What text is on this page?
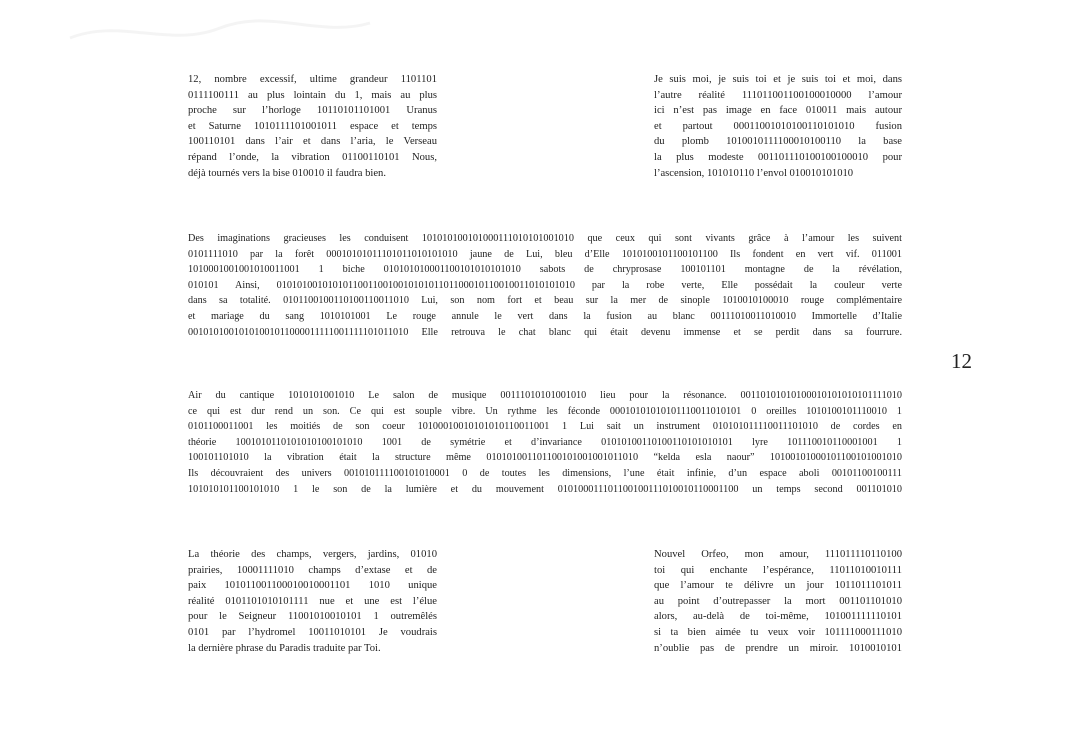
12, nombre excessif, ultime grandeur 1101101
0111100111 au plus lointain du 1, mais au plus
proche sur l’horloge 10110101101001 Uranus
et Saturne 1010111101001011 espace et temps
100110101 dans l’air et dans l’aria, le Verseau
répand l’onde, la vibration 01100110101 Nous,
déjà tournés vers la bise 010010 il faudra bien.
Je suis moi, je suis toi et je suis toi et moi, dans
l’autre réalité 111011001100100010000 l’amour
ici n’est pas image en face 010011 mais autour
et partout 00011001010100110101010 fusion
du plomb 1010010111100010100110 la base
la plus modeste 001101110100100100010 pour
l’ascension, 101010110 l’envol 010010101010
Des imaginations gracieuses les conduisent 101010100101000111010101001010 que ceux qui sont vivants grâce à l’amour les suivent
0101111010 par la forêt 00010101011101011010101010 jaune de Lui, bleu d’Elle 1010100101100101100 Ils fondent en vert vif. 011001
1010001001001010011001 1 biche 010101010001100101010101010 sabots de chryprosase 100101101 montagne de la révélation,
010101 Ainsi, 01010100101010110011001001010101101100010110010011010101010 par la robe verte, Elle possédait la couleur verte
dans sa totalité. 0101100100110100110011010 Lui, son nom fort et beau sur la mer de sinople 1010010100010 rouge complémentaire
et mariage du sang 1010101001 Le rouge annule le vert dans la fusion au blanc 00111010011010010 Immortelle d’Italie
00101010010101001011000011111001111101011010 Elle retrouva le chat blanc qui était devenu immense et se perdit dans sa fourrure.
12
Air du cantique 1010101001010 Le salon de musique 00111010101001010 lieu pour la résonance. 00110101010100010101010101111010
ce qui est dur rend un son. Ce qui est souple vibre. Un rythme les féconde 00010101010101110011010101 0 oreilles 1010100101110010 1
0101100011001 les moitiés de son coeur 10100010010101010110011001 1 Lui sait un instrument 010101011110011101010 de cordes en
théorie 1001010110101010100101010 1001 de symétrie et d’invariance 01010100110100110101010101 lyre 101110010110001001 1
100101101010 la vibration était la structure même 010101001101100101001001011010 “kelda esla naour” 10100101000101100101001010
Ils découvraient des univers 001010111100101010001 0 de toutes les dimensions, l’une était infinie, d’un espace aboli 00101100100111
101010101100101010 1 le son de la lumière et du mouvement 010100011101100100111010010110001100 un temps second 001101010
La théorie des champs, vergers, jardins, 01010
prairies, 10001111010 champs d’extase et de
paix 101011001100010010001101 1010 unique
réalité 0101101010101111 nue et une est l’élue
pour le Seigneur 11001010010101 1 outremêlés
0101 par l’hydromel 10011010101 Je voudrais
la dernière phrase du Paradis traduite par Toi.
Nouvel Orfeo, mon amour, 111011110110100
toi qui enchante l’espérance, 11011010010111
que l’amour te délivre un jour 1011011101011
au point d’outrepasser la mort 001101101010
alors, au-delà de toi-même, 101001111110101
si ta bien aimée tu veux voir 101111000111010
n’oublie pas de prendre un miroir. 1010010101
